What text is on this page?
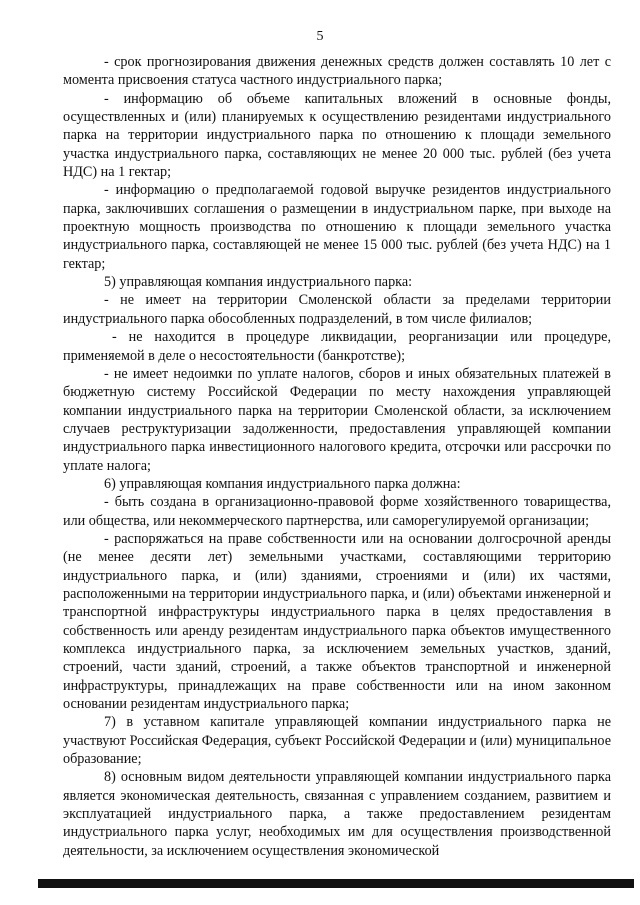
5

- срок прогнозирования движения денежных средств должен составлять 10 лет с момента присвоения статуса частного индустриального парка;

- информацию об объеме капитальных вложений в основные фонды, осуществленных и (или) планируемых к осуществлению резидентами индустриального парка на территории индустриального парка по отношению к площади земельного участка индустриального парка, составляющих не менее 20 000 тыс. рублей (без учета НДС) на 1 гектар;

- информацию о предполагаемой годовой выручке резидентов индустриального парка, заключивших соглашения о размещении в индустриальном парке, при выходе на проектную мощность производства по отношению к площади земельного участка индустриального парка, составляющей не менее 15 000 тыс. рублей (без учета НДС) на 1 гектар;

5) управляющая компания индустриального парка:

- не имеет на территории Смоленской области за пределами территории индустриального парка обособленных подразделений, в том числе филиалов;

- не находится в процедуре ликвидации, реорганизации или процедуре, применяемой в деле о несостоятельности (банкротстве);

- не имеет недоимки по уплате налогов, сборов и иных обязательных платежей в бюджетную систему Российской Федерации по месту нахождения управляющей компании индустриального парка на территории Смоленской области, за исключением случаев реструктуризации задолженности, предоставления управляющей компании индустриального парка инвестиционного налогового кредита, отсрочки или рассрочки по уплате налога;

6) управляющая компания индустриального парка должна:

- быть создана в организационно-правовой форме хозяйственного товарищества, или общества, или некоммерческого партнерства, или саморегулируемой организации;

- распоряжаться на праве собственности или на основании долгосрочной аренды (не менее десяти лет) земельными участками, составляющими территорию индустриального парка, и (или) зданиями, строениями и (или) их частями, расположенными на территории индустриального парка, и (или) объектами инженерной и транспортной инфраструктуры индустриального парка в целях предоставления в собственность или аренду резидентам индустриального парка объектов имущественного комплекса индустриального парка, за исключением земельных участков, зданий, строений, части зданий, строений, а также объектов транспортной и инженерной инфраструктуры, принадлежащих на праве собственности или на ином законном основании резидентам индустриального парка;

7) в уставном капитале управляющей компании индустриального парка не участвуют Российская Федерация, субъект Российской Федерации и (или) муниципальное образование;

8) основным видом деятельности управляющей компании индустриального парка является экономическая деятельность, связанная с управлением созданием, развитием и эксплуатацией индустриального парка, а также предоставлением резидентам индустриального парка услуг, необходимых им для осуществления производственной деятельности, за исключением осуществления экономической
